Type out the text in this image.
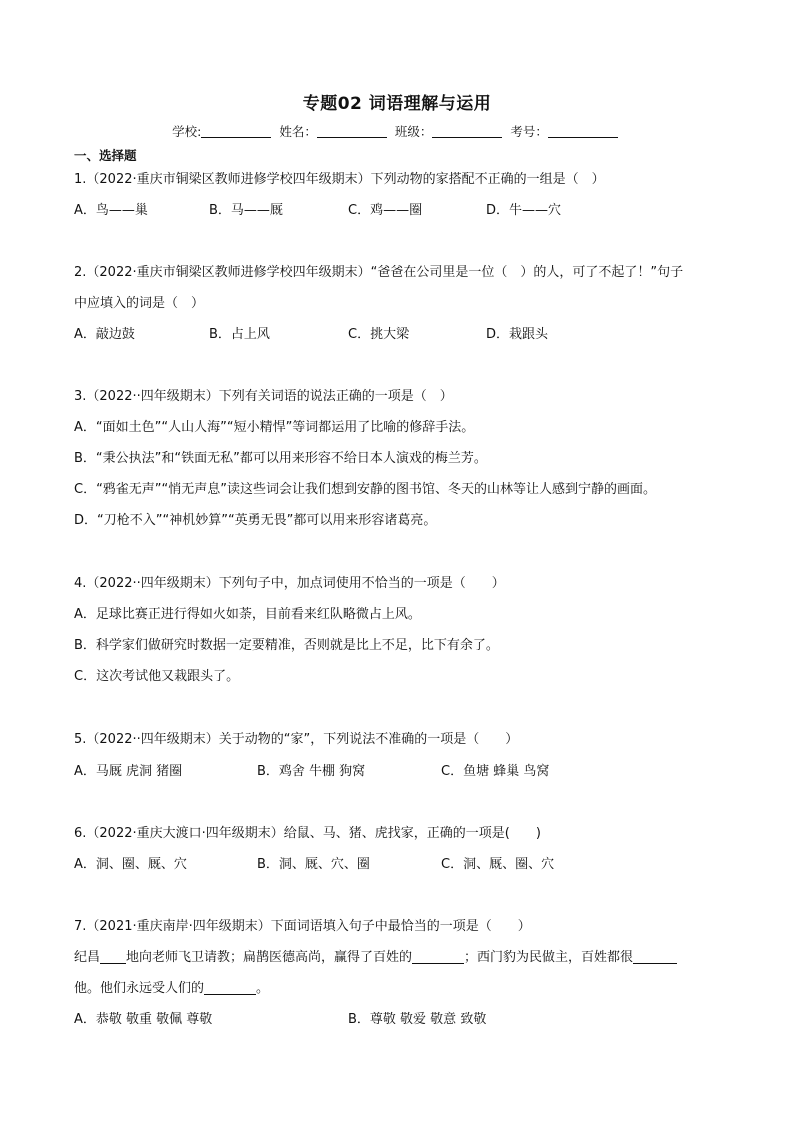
专题02 词语理解与运用
学校:	姓名：	班级：	考号：
一、选择题
1.（2022·重庆市铜梁区教师进修学校四年级期末）下列动物的家搭配不正确的一组是（　）
A．鸟——巢	B．马——厩	C．鸡——圈	D．牛——穴
2.（2022·重庆市铜梁区教师进修学校四年级期末）“爸爸在公司里是一位（　）的人，可了不起了！”句子
中应填入的词是（　）
A．敲边鼓	B．占上风	C．挑大梁	D．栽跟头
3.（2022··四年级期末）下列有关词语的说法正确的一项是（　）
A．“面如土色”“人山人海”“短小精悍”等词都运用了比喻的修辞手法。
B．“秉公执法”和“铁面无私”都可以用来形容不给日本人演戏的梅兰芳。
C．“鸦雀无声”“悄无声息”读这些词会让我们想到安静的图书馆、冬天的山林等让人感到宁静的画面。
D．“刀枪不入”“神机妙算”“英勇无畏”都可以用来形容诸葛亮。
4.（2022··四年级期末）下列句子中，加点词使用不恰当的一项是（　　）
A．足球比赛正进行得如火如荼，目前看来红队略微占上风。
B．科学家们做研究时数据一定要精准，否则就是比上不足，比下有余了。
C．这次考试他又栽跟头了。
5.（2022··四年级期末）关于动物的“家”，下列说法不准确的一项是（　　）
A．马厩 虎洞 猪圈	B．鸡舍 牛棚 狗窝	C．鱼塘 蜂巢 鸟窝
6.（2022·重庆大渡口·四年级期末）给鼠、马、猪、虎找家，正确的一项是(　　)
A．洞、圈、厩、穴	B．洞、厩、穴、圈	C．洞、厩、圈、穴
7.（2021·重庆南岸·四年级期末）下面词语填入句子中最恰当的一项是（　　）
纪昌 地向老师飞卫请教；扁鹊医德高尚，赢得了百姓的	；西门豹为民做主，百姓都很
他。他们永远受人们的	。
A．恭敬 敬重 敬佩 尊敬	B．尊敬 敬爱 敬意 致敬
